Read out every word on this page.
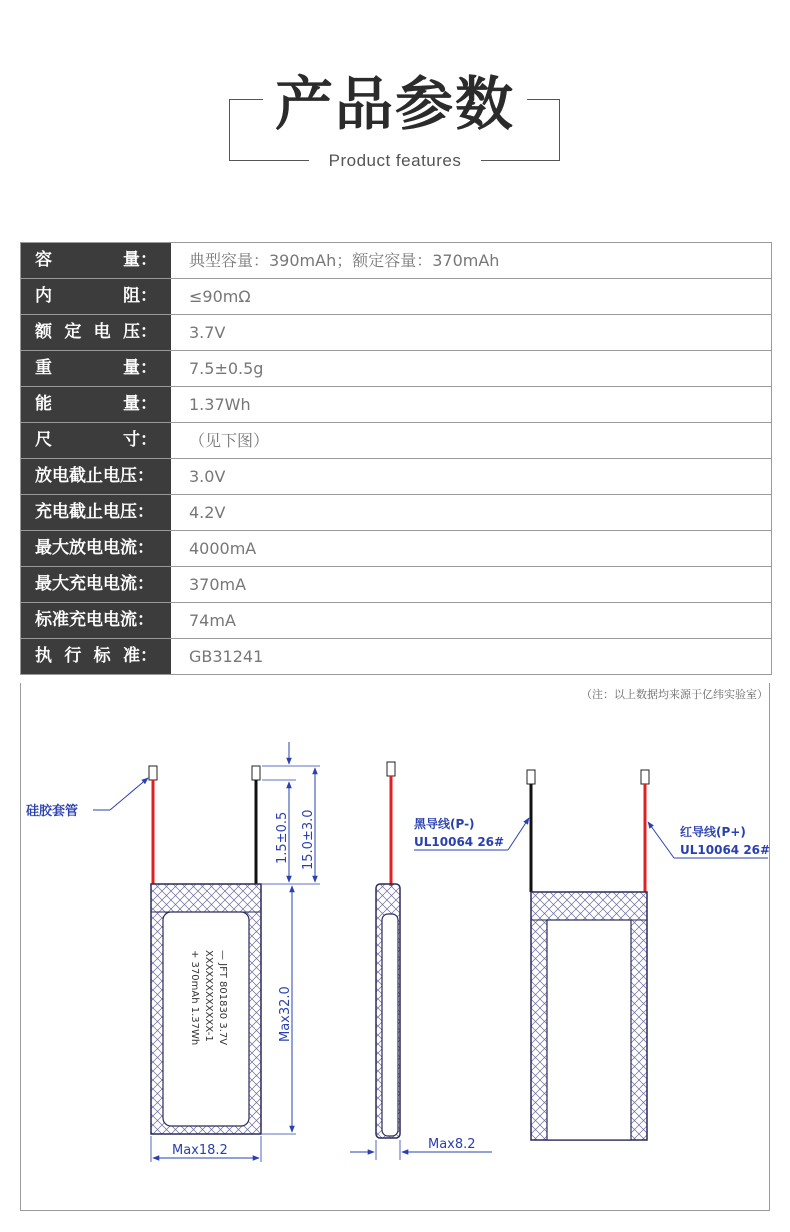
产品参数
Product features
容	量：	典型容量：390mAh；额定容量：370mAh
内	阻：	≤90mΩ
额 定 电 压：	3.7V
重	量：	7.5±0.5g
能	量：	1.37Wh
尺	寸：	（见下图）
放电截止电压：	3.0V
充电截止电压：	4.2V
最大放电电流：	4000mA
最大充电电流：	370mA
标准充电电流：	74mA
执 行 标 准：	GB31241
（注：以上数据均来源于亿纬实验室）
— JFT 801830 3.7V
XXXXXXXXXXXX-1
+ 370mAh 1.37Wh
硅胶套管
1.5±0.5 15.0±3.0
Max32.0
Max18.2	Max8.2
黑导线(P-)
UL10064 26#
红导线(P+)
UL10064 26#
